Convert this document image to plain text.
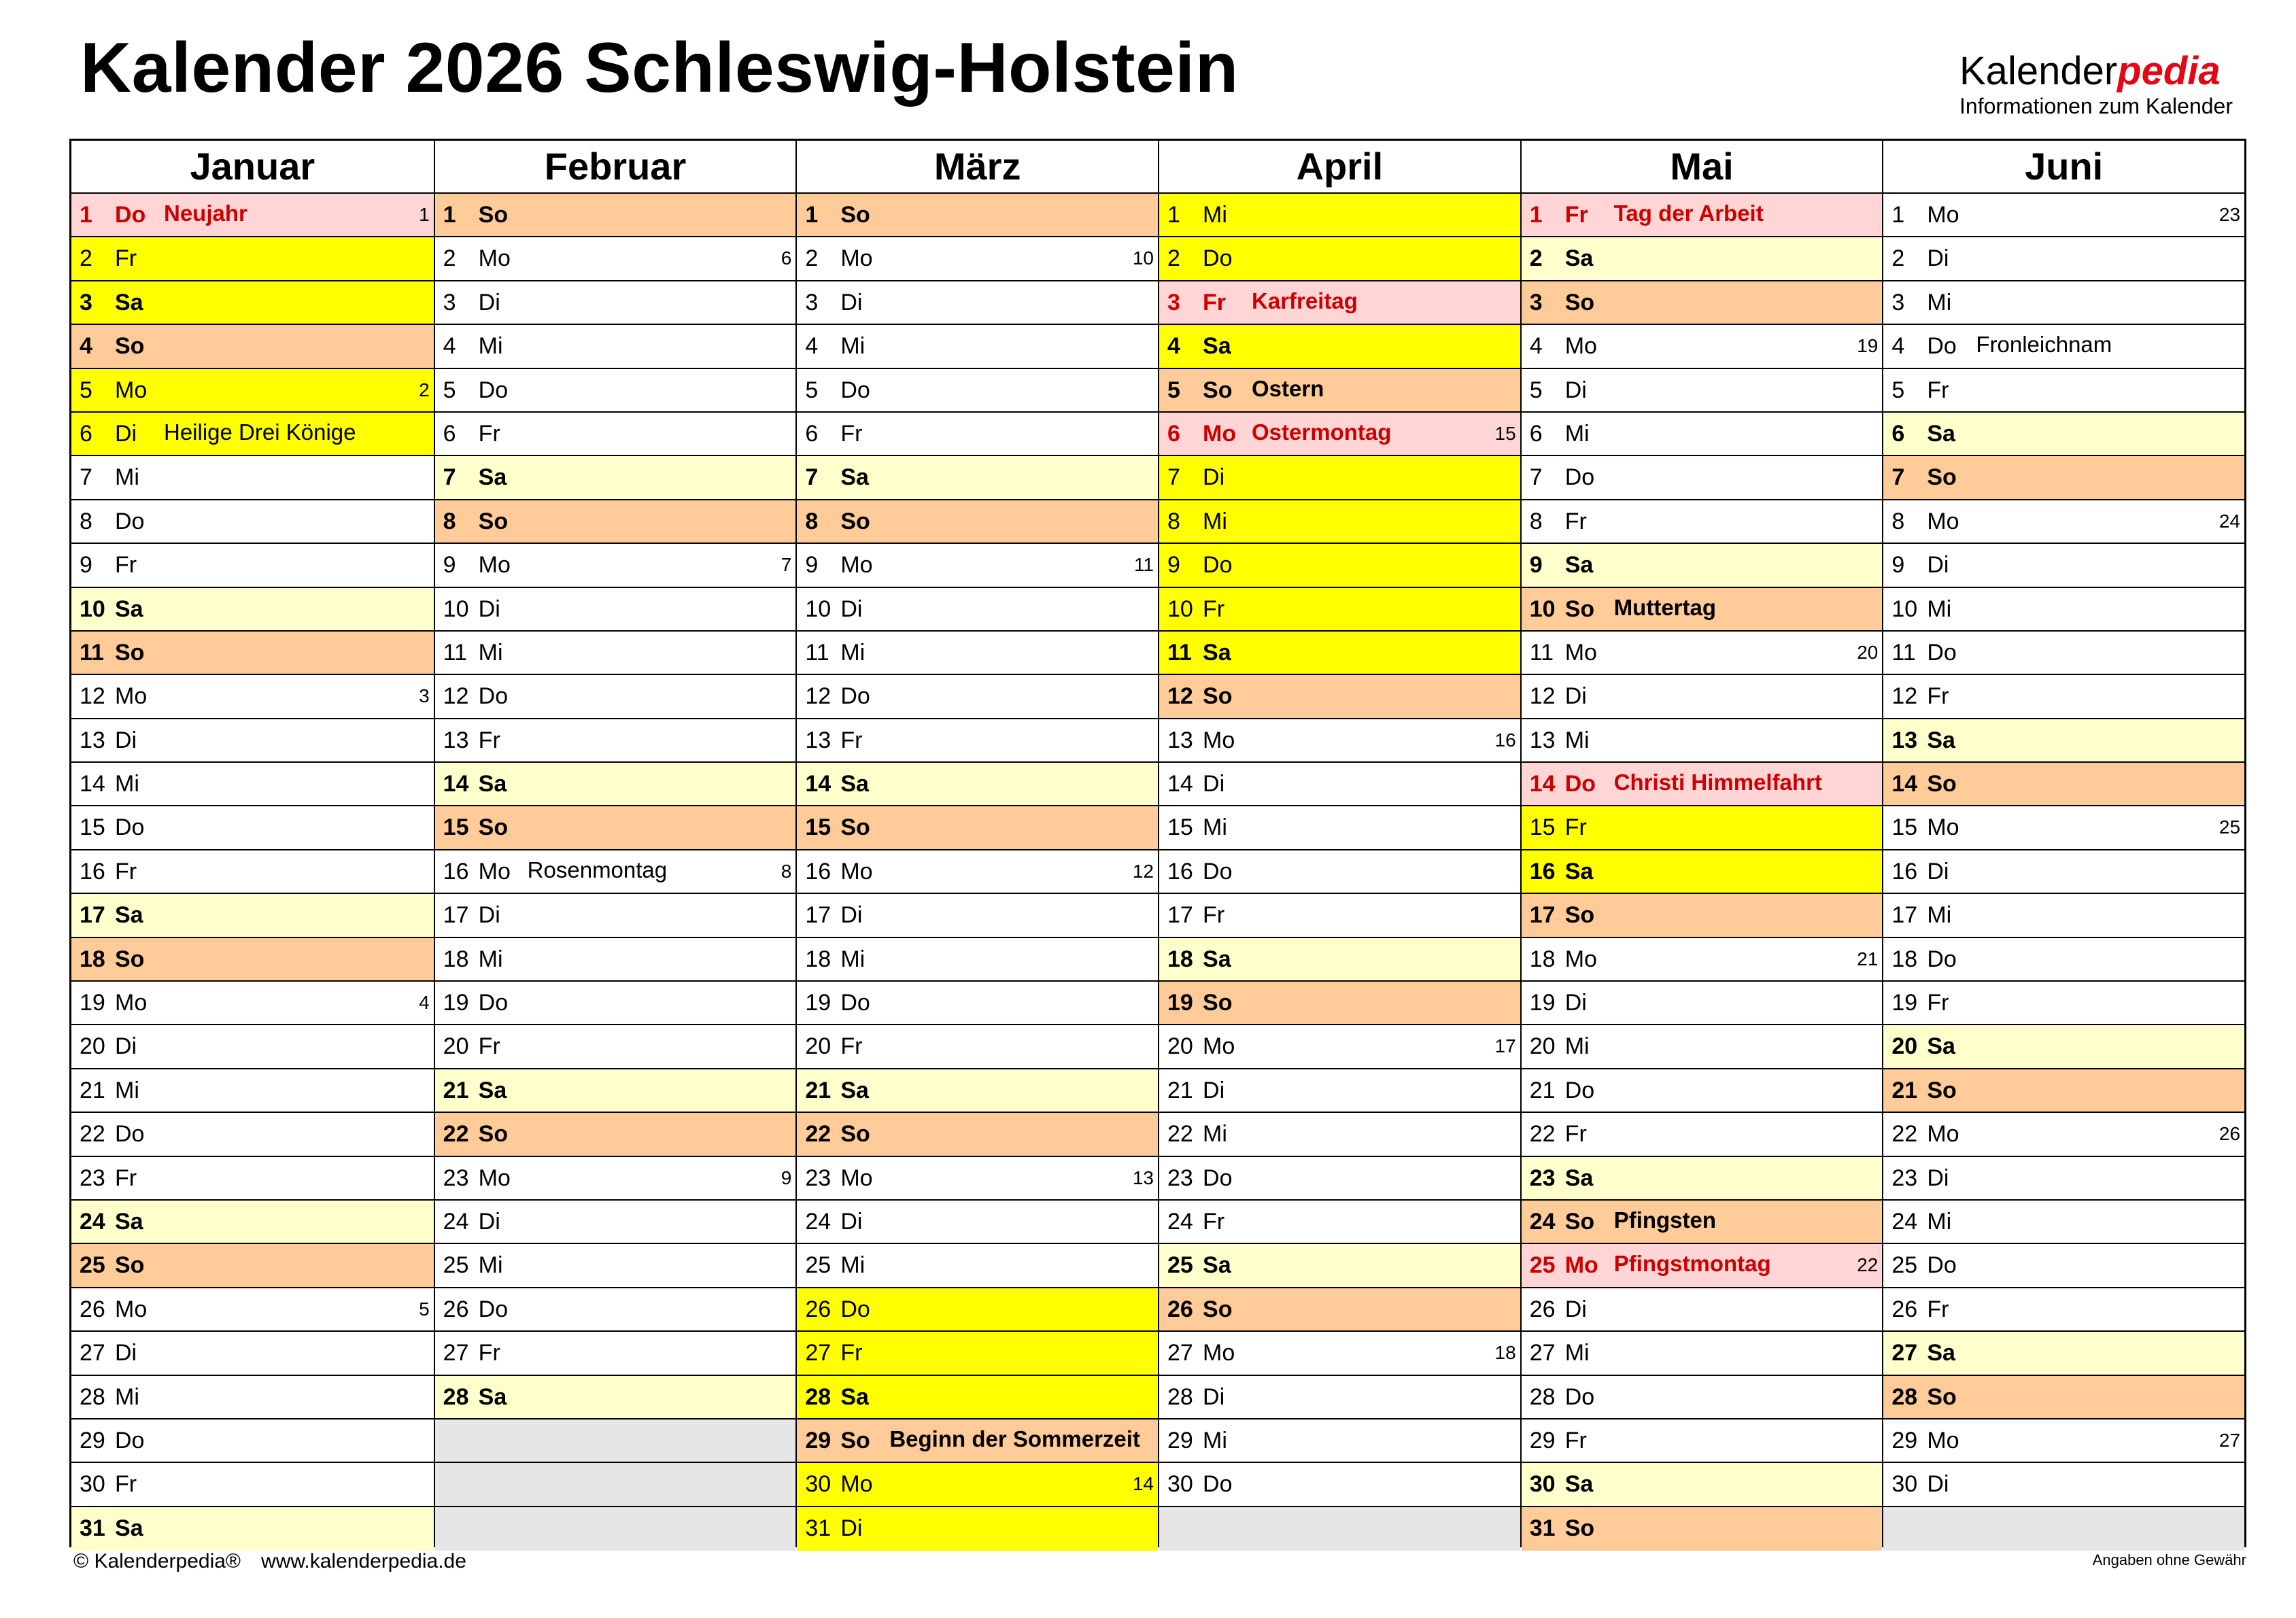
Kalender 2026 Schleswig-Holstein	Kalenderpedia
Informationen zum Kalender
Januar
1 Do Neujahr	1
2 Fr
3 Sa
4 So
5 Mo	2
6 Di Heilige Drei Könige
7 Mi
8 Do
9 Fr
10 Sa
11 So
12 Mo	3
13 Di
14 Mi
15 Do
16 Fr
17 Sa
18 So
19 Mo	4
20 Di
21 Mi
22 Do
23 Fr
24 Sa
25 So
26 Mo	5
27 Di
28 Mi
29 Do
30 Fr
31 Sa
Februar
1 So
2 Mo	6
3 Di
4 Mi
5 Do
6 Fr
7 Sa
8 So
9 Mo	7
10 Di
11 Mi
12 Do
13 Fr
14 Sa
15 So
16 Mo Rosenmontag	8
17 Di
18 Mi
19 Do
20 Fr
21 Sa
22 So
23 Mo	9
24 Di
25 Mi
26 Do
27 Fr
28 Sa
März
1 So
2 Mo	10
3 Di
4 Mi
5 Do
6 Fr
7 Sa
8 So
9 Mo	11
10 Di
11 Mi
12 Do
13 Fr
14 Sa
15 So
16 Mo	12
17 Di
18 Mi
19 Do
20 Fr
21 Sa
22 So
23 Mo	13
24 Di
25 Mi
26 Do
27 Fr
28 Sa
29 So Beginn der Sommerzeit
30 Mo	14
31 Di
April
1 Mi
2 Do
3 Fr Karfreitag
4 Sa
5 So Ostern
6 Mo Ostermontag	15
7 Di
8 Mi
9 Do
10 Fr
11 Sa
12 So
13 Mo	16
14 Di
15 Mi
16 Do
17 Fr
18 Sa
19 So
20 Mo	17
21 Di
22 Mi
23 Do
24 Fr
25 Sa
26 So
27 Mo	18
28 Di
29 Mi
30 Do
Mai
1 Fr Tag der Arbeit
2 Sa
3 So
4 Mo	19
5 Di
6 Mi
7 Do
8 Fr
9 Sa
10 So Muttertag
11 Mo	20
12 Di
13 Mi
14 Do Christi Himmelfahrt
15 Fr
16 Sa
17 So
18 Mo	21
19 Di
20 Mi
21 Do
22 Fr
23 Sa
24 So Pfingsten
25 Mo Pfingstmontag	22
26 Di
27 Mi
28 Do
29 Fr
30 Sa
31 So
Juni
1 Mo	23
2 Di
3 Mi
4 Do Fronleichnam
5 Fr
6 Sa
7 So
8 Mo	24
9 Di
10 Mi
11 Do
12 Fr
13 Sa
14 So
15 Mo	25
16 Di
17 Mi
18 Do
19 Fr
20 Sa
21 So
22 Mo	26
23 Di
24 Mi
25 Do
26 Fr
27 Sa
28 So
29 Mo	27
30 Di
© Kalenderpedia® www.kalenderpedia.de	Angaben ohne Gewähr
